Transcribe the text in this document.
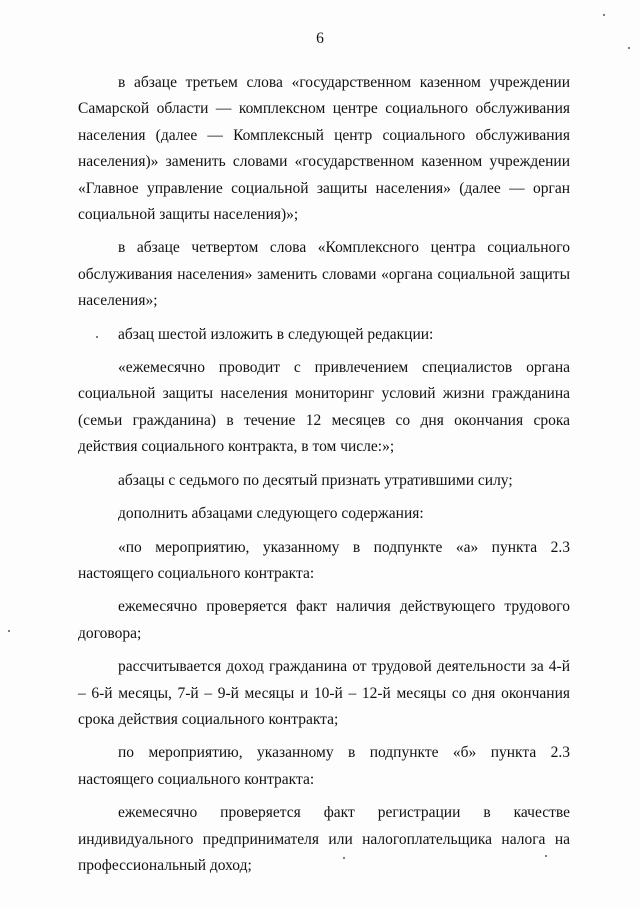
6

в абзаце третьем слова «государственном казенном учреждении Самарской области — комплексном центре социального обслуживания населения (далее — Комплексный центр социального обслуживания населения)» заменить словами «государственном казенном учреждении «Главное управление социальной защиты населения» (далее — орган социальной защиты населения)»;

в абзаце четвертом слова «Комплексного центра социального обслуживания населения» заменить словами «органа социальной защиты населения»;

абзац шестой изложить в следующей редакции:

«ежемесячно проводит с привлечением специалистов органа социальной защиты населения мониторинг условий жизни гражданина (семьи гражданина) в течение 12 месяцев со дня окончания срока действия социального контракта, в том числе:»;

абзацы с седьмого по десятый признать утратившими силу;

дополнить абзацами следующего содержания:

«по мероприятию, указанному в подпункте «а» пункта 2.3 настоящего социального контракта:

ежемесячно проверяется факт наличия действующего трудового договора;

рассчитывается доход гражданина от трудовой деятельности за 4-й – 6-й месяцы, 7-й – 9-й месяцы и 10-й – 12-й месяцы со дня окончания срока действия социального контракта;

по мероприятию, указанному в подпункте «б» пункта 2.3 настоящего социального контракта:

ежемесячно проверяется факт регистрации в качестве индивидуального предпринимателя или налогоплательщика налога на профессиональный доход;
